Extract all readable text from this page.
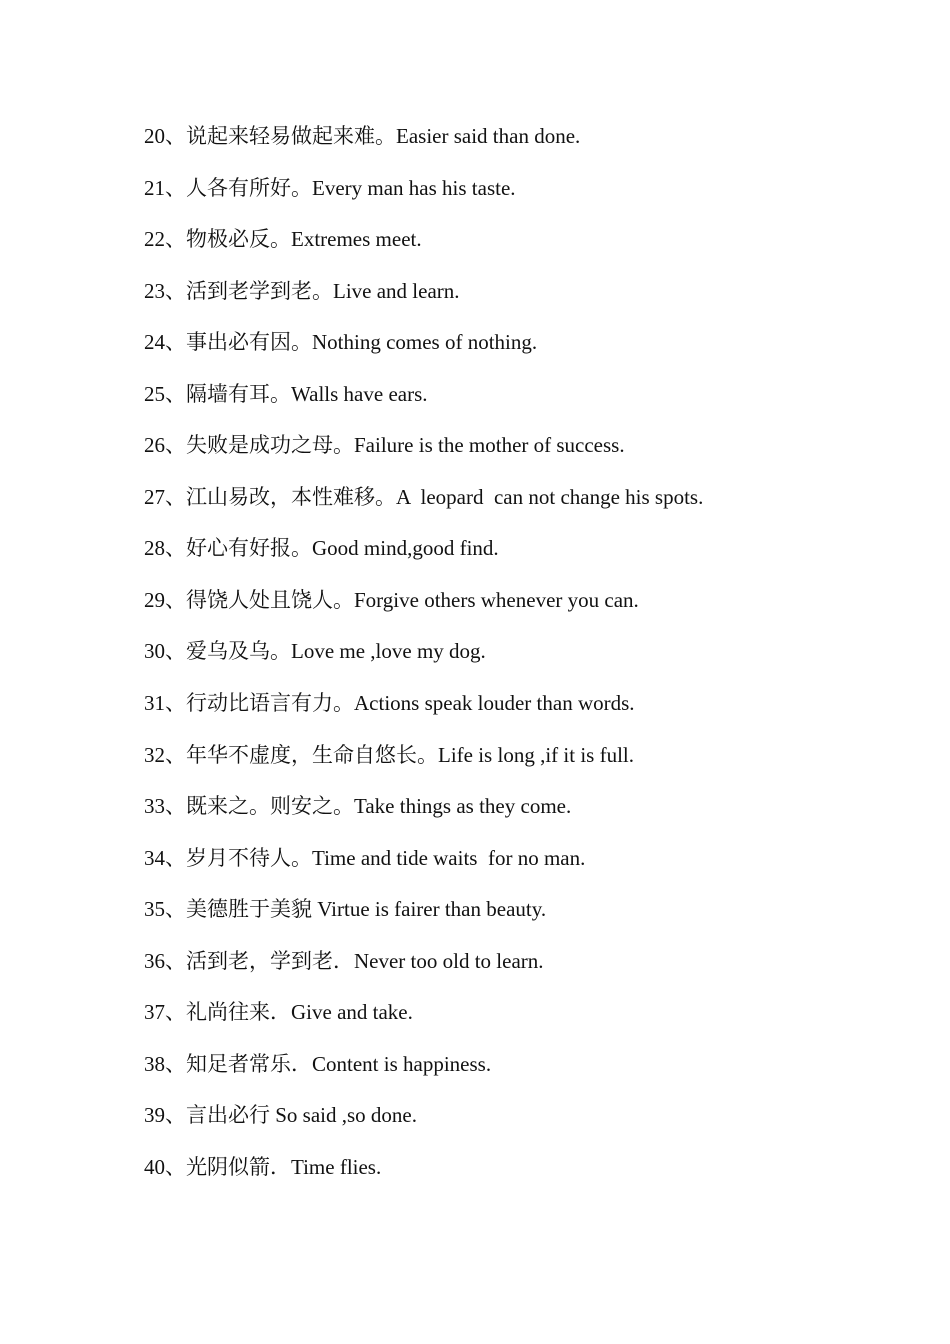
20、说起来轻易做起来难。Easier said than done.
21、人各有所好。Every man has his taste.
22、物极必反。Extremes meet.
23、活到老学到老。Live and learn.
24、事出必有因。Nothing comes of nothing.
25、隔墙有耳。Walls have ears.
26、失败是成功之母。Failure is the mother of success.
27、江山易改，本性难移。A  leopard  can not change his spots.
28、好心有好报。Good mind,good find.
29、得饶人处且饶人。Forgive others whenever you can.
30、爱乌及乌。Love me ,love my dog.
31、行动比语言有力。Actions speak louder than words.
32、年华不虚度，生命自悠长。Life is long ,if it is full.
33、既来之。则安之。Take things as they come.
34、岁月不待人。Time and tide waits  for no man.
35、美德胜于美貌 Virtue is fairer than beauty.
36、活到老，学到老．Never too old to learn.
37、礼尚往来．Give and take.
38、知足者常乐．Content is happiness.
39、言出必行 So said ,so done.
40、光阴似箭．Time flies.
